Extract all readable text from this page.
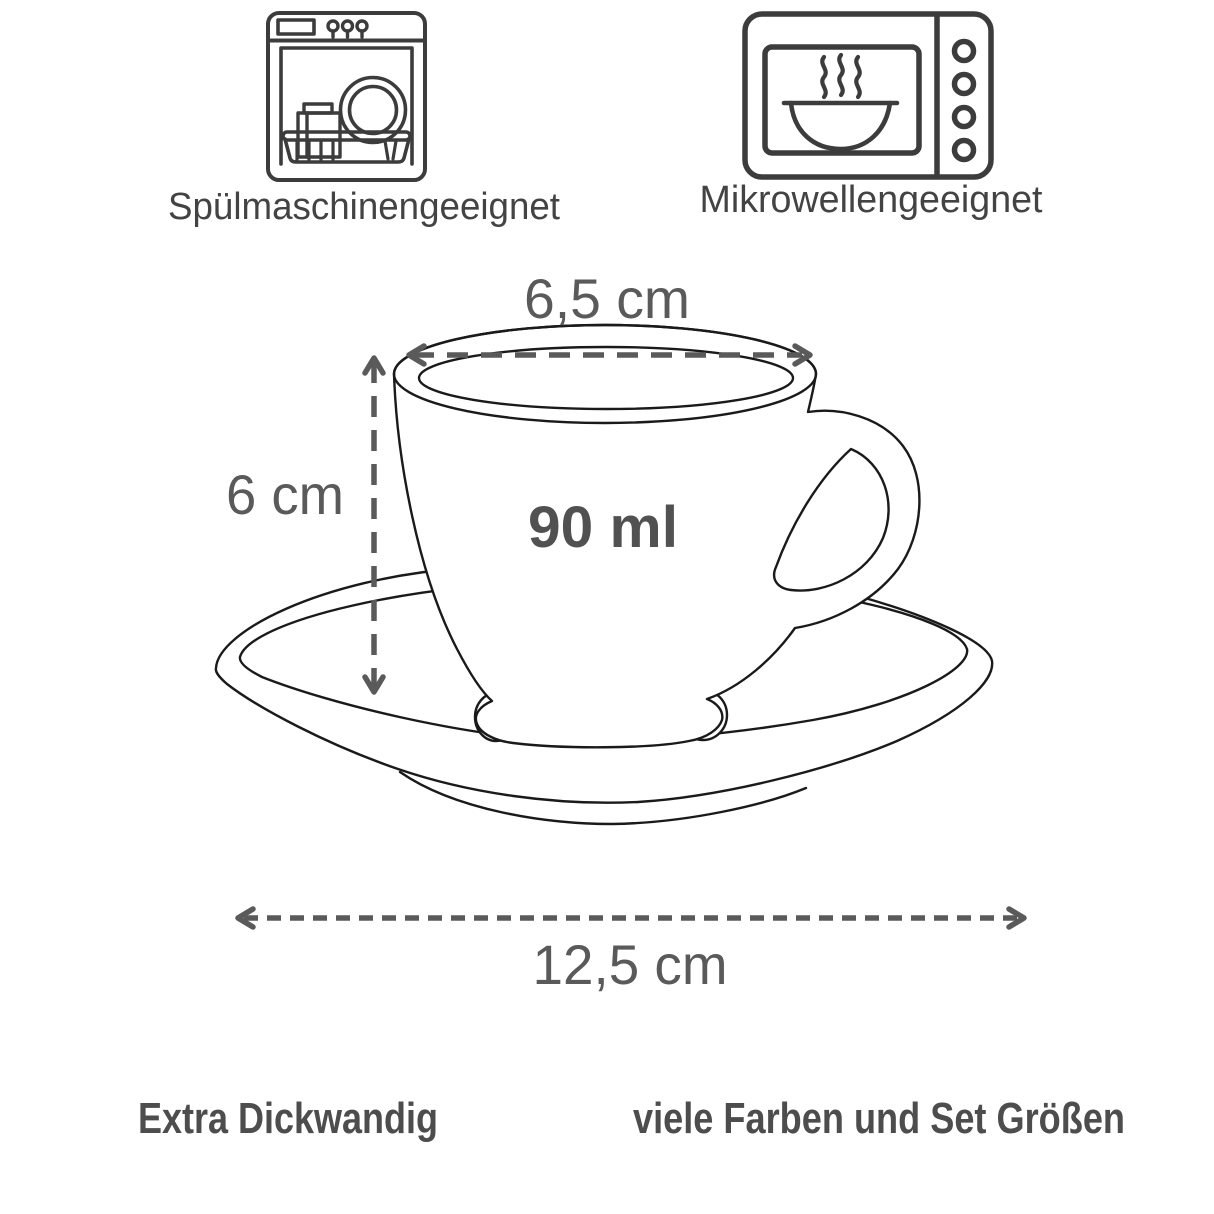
Spülmaschinengeeignet	Mikrowellengeeignet
90 ml
6,5 cm
6 cm
12,5 cm
Extra Dickwandig	viele Farben und Set Größen
